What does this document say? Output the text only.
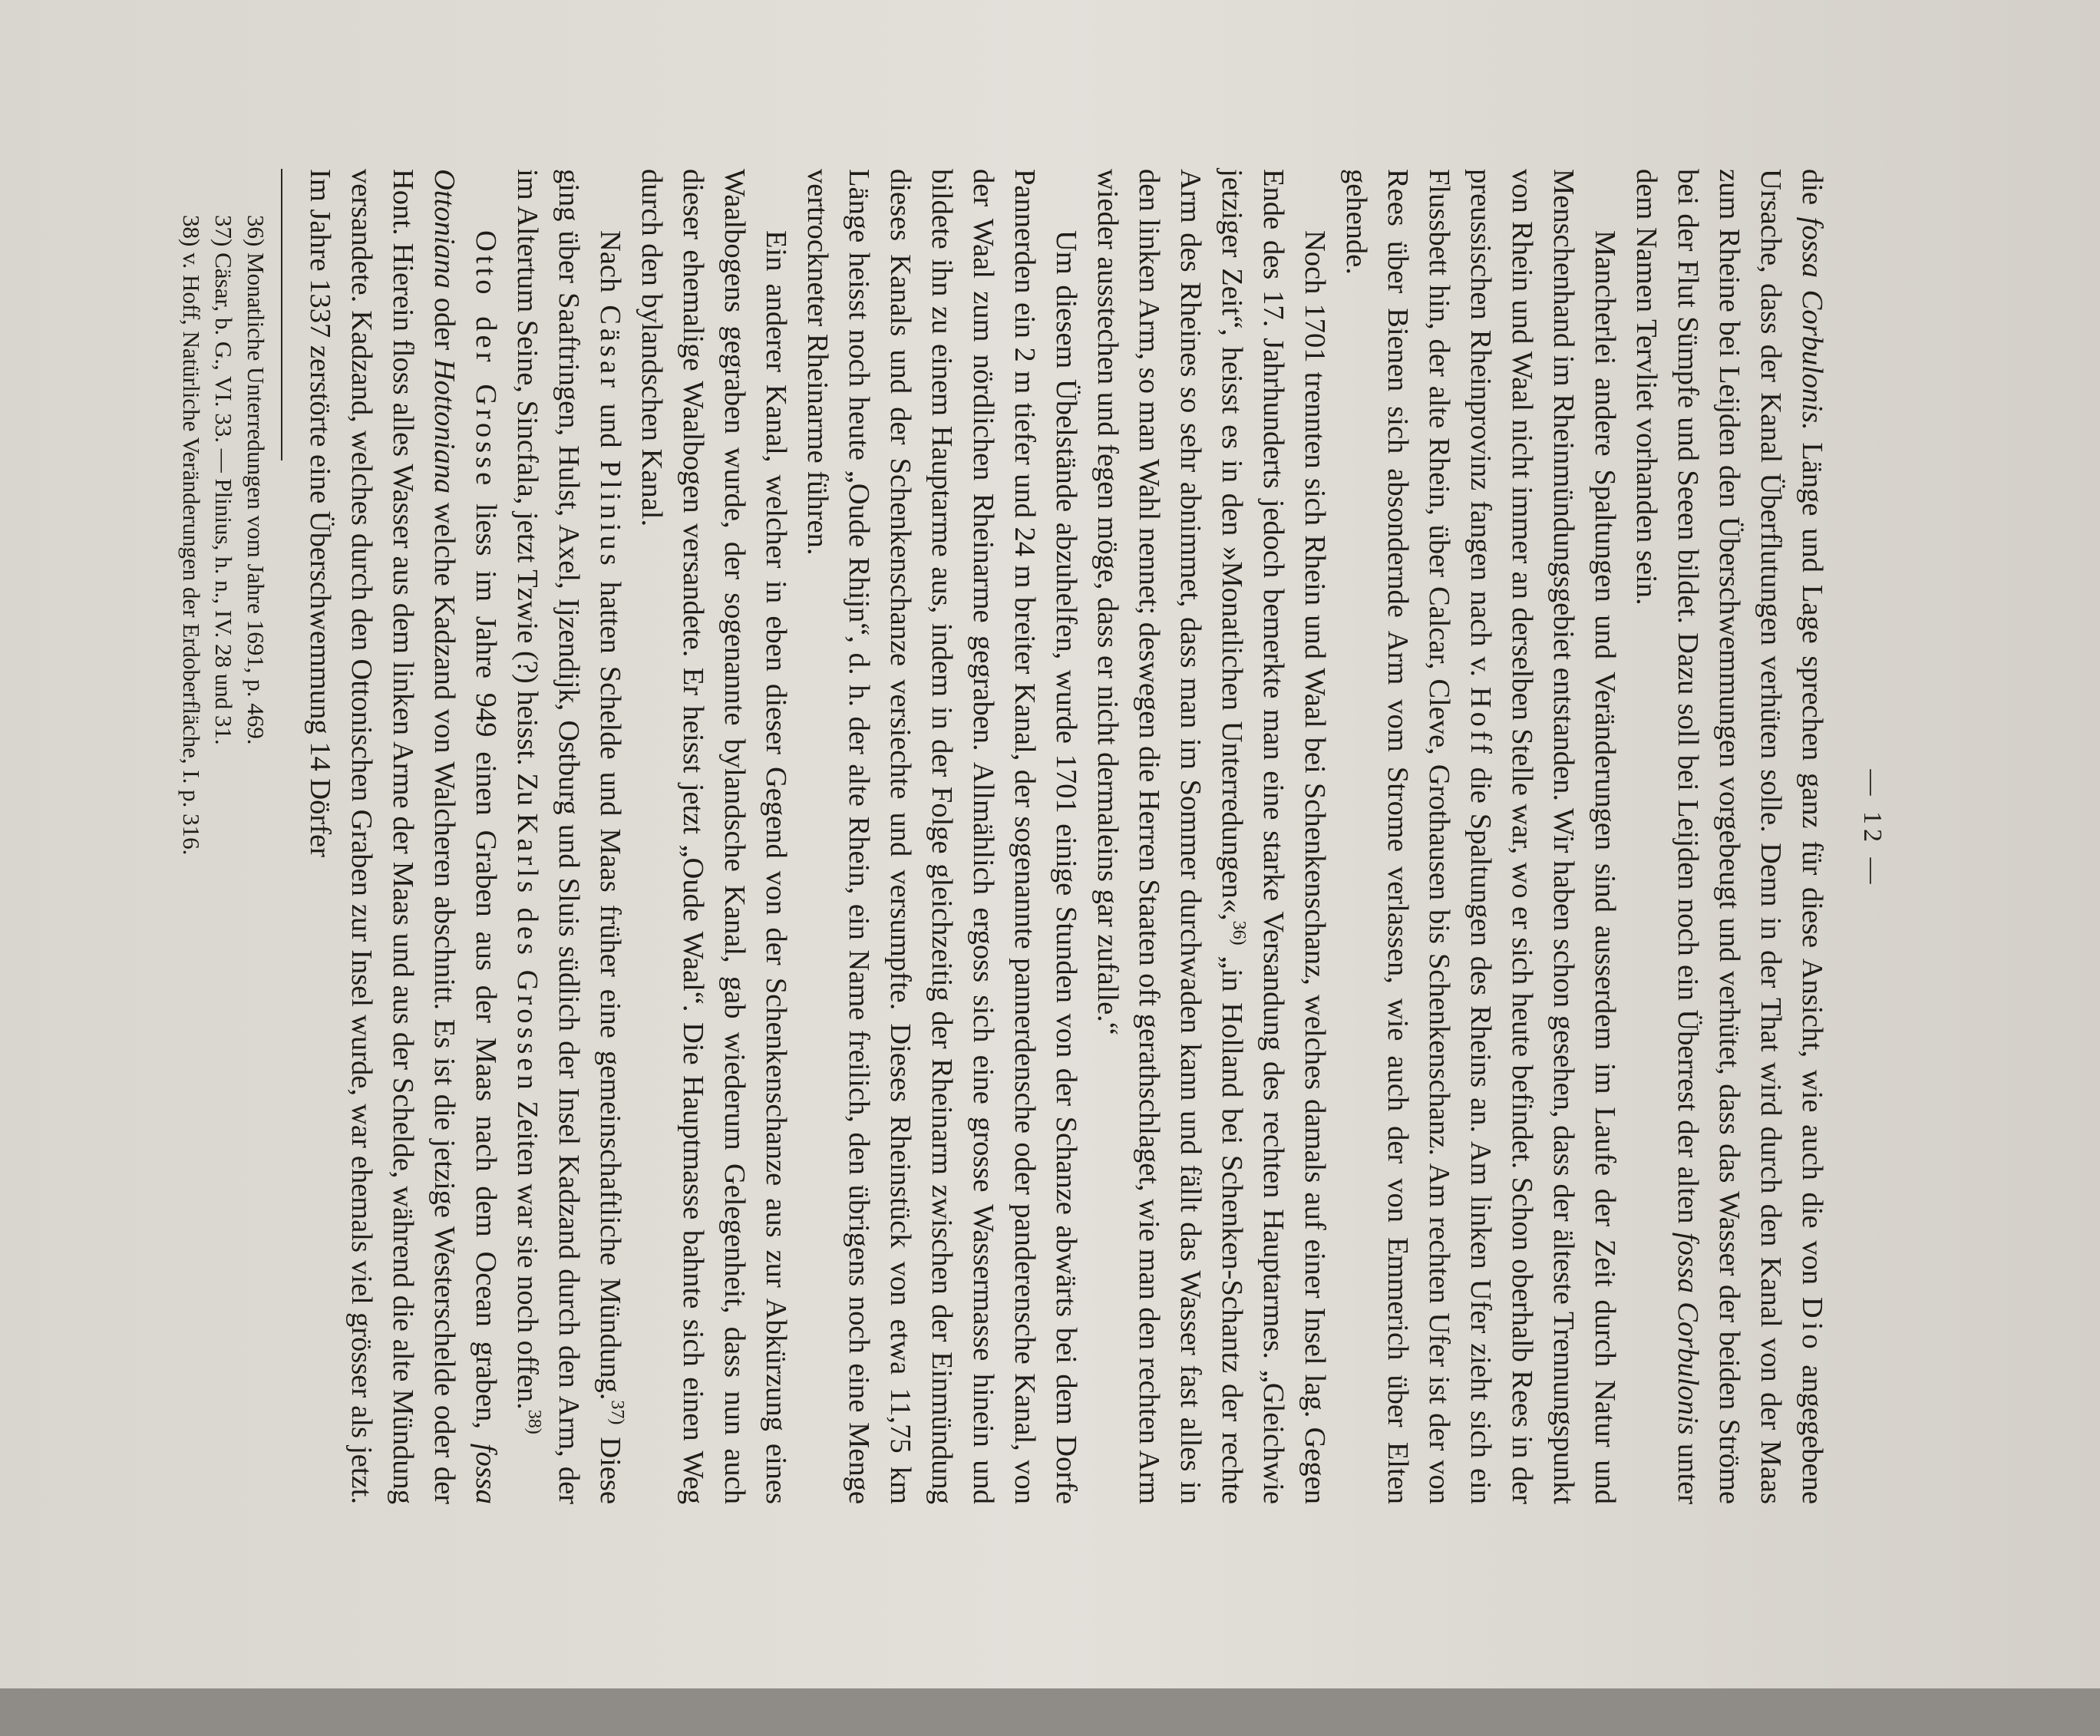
— 12 —

die fossa Corbulonis. Länge und Lage sprechen ganz für diese Ansicht, wie auch die von Dio angegebene Ursache, dass der Kanal Überflutungen verhüten solle. Denn in der That wird durch den Kanal von der Maas zum Rheine bei Leijden den Überschwemmungen vorgebeugt und verhütet, dass das Wasser der beiden Ströme bei der Flut Sümpfe und Seeen bildet. Dazu soll bei Leijden noch ein Überrest der alten fossa Corbulonis unter dem Namen Tervliet vorhanden sein.

Mancherlei andere Spaltungen und Veränderungen sind ausserdem im Laufe der Zeit durch Natur und Menschenhand im Rheinmündungsgebiet entstanden. Wir haben schon gesehen, dass der älteste Trennungspunkt von Rhein und Waal nicht immer an derselben Stelle war, wo er sich heute befindet. Schon oberhalb Rees in der preussischen Rheinprovinz fangen nach v. Hoff die Spaltungen des Rheins an. Am linken Ufer zieht sich ein Flussbett hin, der alte Rhein, über Calcar, Cleve, Grothausen bis Schenkenschanz. Am rechten Ufer ist der von Rees über Bienen sich absondernde Arm vom Strome verlassen, wie auch der von Emmerich über Elten gehende.

Noch 1701 trennten sich Rhein und Waal bei Schenkenschanz, welches damals auf einer Insel lag. Gegen Ende des 17. Jahrhunderts jedoch bemerkte man eine starke Versandung des rechten Hauptarmes. „Gleichwie jetziger Zeit“, heisst es in den »Monatlichen Unterredungen«,$^{36)}$ „in Holland bei Schenken-Schantz der rechte Arm des Rheines so sehr abnimmet, dass man im Sommer durchwaden kann und fällt das Wasser fast alles in den linken Arm, so man Wahl nennet; deswegen die Herren Staaten oft gerathschlaget, wie man den rechten Arm wieder ausstechen und fegen möge, dass er nicht dermaleins gar zufalle.“

Um diesem Übelstände abzuhelfen, wurde 1701 einige Stunden von der Schanze abwärts bei dem Dorfe Pannerden ein 2 m tiefer und 24 m breiter Kanal, der sogenannte pannerdensche oder panderensche Kanal, von der Waal zum nördlichen Rheinarme gegraben. Allmählich ergoss sich eine grosse Wassermasse hinein und bildete ihn zu einem Hauptarme aus, indem in der Folge gleichzeitig der Rheinarm zwischen der Einmündung dieses Kanals und der Schenkenschanze versiechte und versumpfte. Dieses Rheinstück von etwa 11,75 km Länge heisst noch heute „Oude Rhijn“, d. h. der alte Rhein, ein Name freilich, den übrigens noch eine Menge vertrockneter Rheinarme führen.

Ein anderer Kanal, welcher in eben dieser Gegend von der Schenkenschanze aus zur Abkürzung eines Waalbogens gegraben wurde, der sogenannte bylandsche Kanal, gab wiederum Gelegenheit, dass nun auch dieser ehemalige Waalbogen versandete. Er heisst jetzt „Oude Waal“. Die Hauptmasse bahnte sich einen Weg durch den bylandschen Kanal.

Nach Cäsar und Plinius hatten Schelde und Maas früher eine gemeinschaftliche Mündung.$^{37)}$ Diese ging über Saaftringen, Hulst, Axel, Ijzendijk, Ostburg und Sluis südlich der Insel Kadzand durch den Arm, der im Altertum Seine, Sincfala, jetzt Tzwie (?) heisst. Zu Karls des Grossen Zeiten war sie noch offen.$^{38)}$

Otto der Grosse liess im Jahre 949 einen Graben aus der Maas nach dem Ocean graben, fossa Ottoniana oder Hottoniana welche Kadzand von Walcheren abschnitt. Es ist die jetzige Westerschelde oder der Hont. Hierein floss alles Wasser aus dem linken Arme der Maas und aus der Schelde, während die alte Mündung versandete. Kadzand, welches durch den Ottonischen Graben zur Insel wurde, war ehemals viel grösser als jetzt. Im Jahre 1337 zerstörte eine Überschwemmung 14 Dörfer

36) Monatliche Unterredungen vom Jahre 1691, p. 469.

37) Cäsar, b. G., VI. 33. — Plinius, h. n., IV. 28 und 31.

38) v. Hoff, Natürliche Veränderungen der Erdoberfläche, I. p. 316.
